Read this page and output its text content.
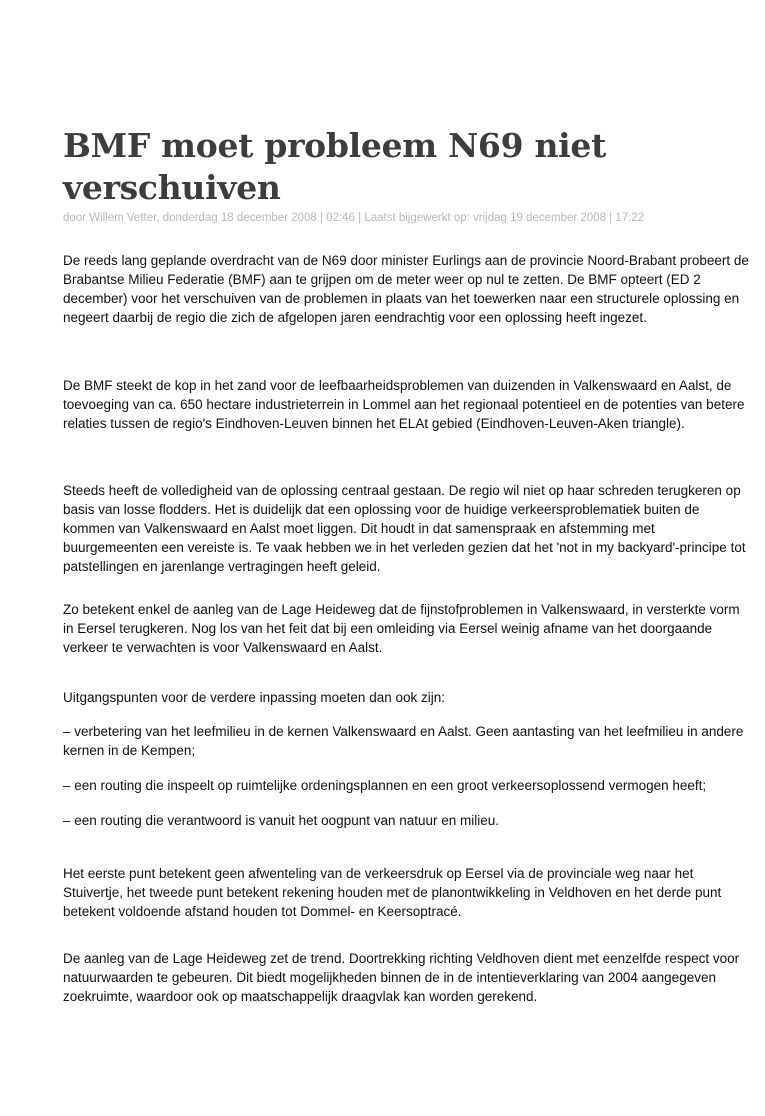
BMF moet probleem N69 niet verschuiven
door Willem Vetter, donderdag 18 december 2008 | 02:46 | Laatst bijgewerkt op: vrijdag 19 december 2008 | 17:22

De reeds lang geplande overdracht van de N69 door minister Eurlings aan de provincie Noord-Brabant probeert de Brabantse Milieu Federatie (BMF) aan te grijpen om de meter weer op nul te zetten. De BMF opteert (ED 2 december) voor het verschuiven van de problemen in plaats van het toewerken naar een structurele oplossing en negeert daarbij de regio die zich de afgelopen jaren eendrachtig voor een oplossing heeft ingezet.

De BMF steekt de kop in het zand voor de leefbaarheidsproblemen van duizenden in Valkenswaard en Aalst, de toevoeging van ca. 650 hectare industrieterrein in Lommel aan het regionaal potentieel en de potenties van betere relaties tussen de regio's Eindhoven-Leuven binnen het ELAt gebied (Eindhoven-Leuven-Aken triangle).

Steeds heeft de volledigheid van de oplossing centraal gestaan. De regio wil niet op haar schreden terugkeren op basis van losse flodders. Het is duidelijk dat een oplossing voor de huidige verkeersproblematiek buiten de kommen van Valkenswaard en Aalst moet liggen. Dit houdt in dat samenspraak en afstemming met buurgemeenten een vereiste is. Te vaak hebben we in het verleden gezien dat het 'not in my backyard'-principe tot patstellingen en jarenlange vertragingen heeft geleid.

Zo betekent enkel de aanleg van de Lage Heideweg dat de fijnstofproblemen in Valkenswaard, in versterkte vorm in Eersel terugkeren. Nog los van het feit dat bij een omleiding via Eersel weinig afname van het doorgaande verkeer te verwachten is voor Valkenswaard en Aalst.

Uitgangspunten voor de verdere inpassing moeten dan ook zijn:

– verbetering van het leefmilieu in de kernen Valkenswaard en Aalst. Geen aantasting van het leefmilieu in andere kernen in de Kempen;

– een routing die inspeelt op ruimtelijke ordeningsplannen en een groot verkeersoplossend vermogen heeft;

– een routing die verantwoord is vanuit het oogpunt van natuur en milieu.

Het eerste punt betekent geen afwenteling van de verkeersdruk op Eersel via de provinciale weg naar het Stuivertje, het tweede punt betekent rekening houden met de planontwikkeling in Veldhoven en het derde punt betekent voldoende afstand houden tot Dommel- en Keersoptracé.

De aanleg van de Lage Heideweg zet de trend. Doortrekking richting Veldhoven dient met eenzelfde respect voor natuurwaarden te gebeuren. Dit biedt mogelijkheden binnen de in de intentieverklaring van 2004 aangegeven zoekruimte, waardoor ook op maatschappelijk draagvlak kan worden gerekend.
